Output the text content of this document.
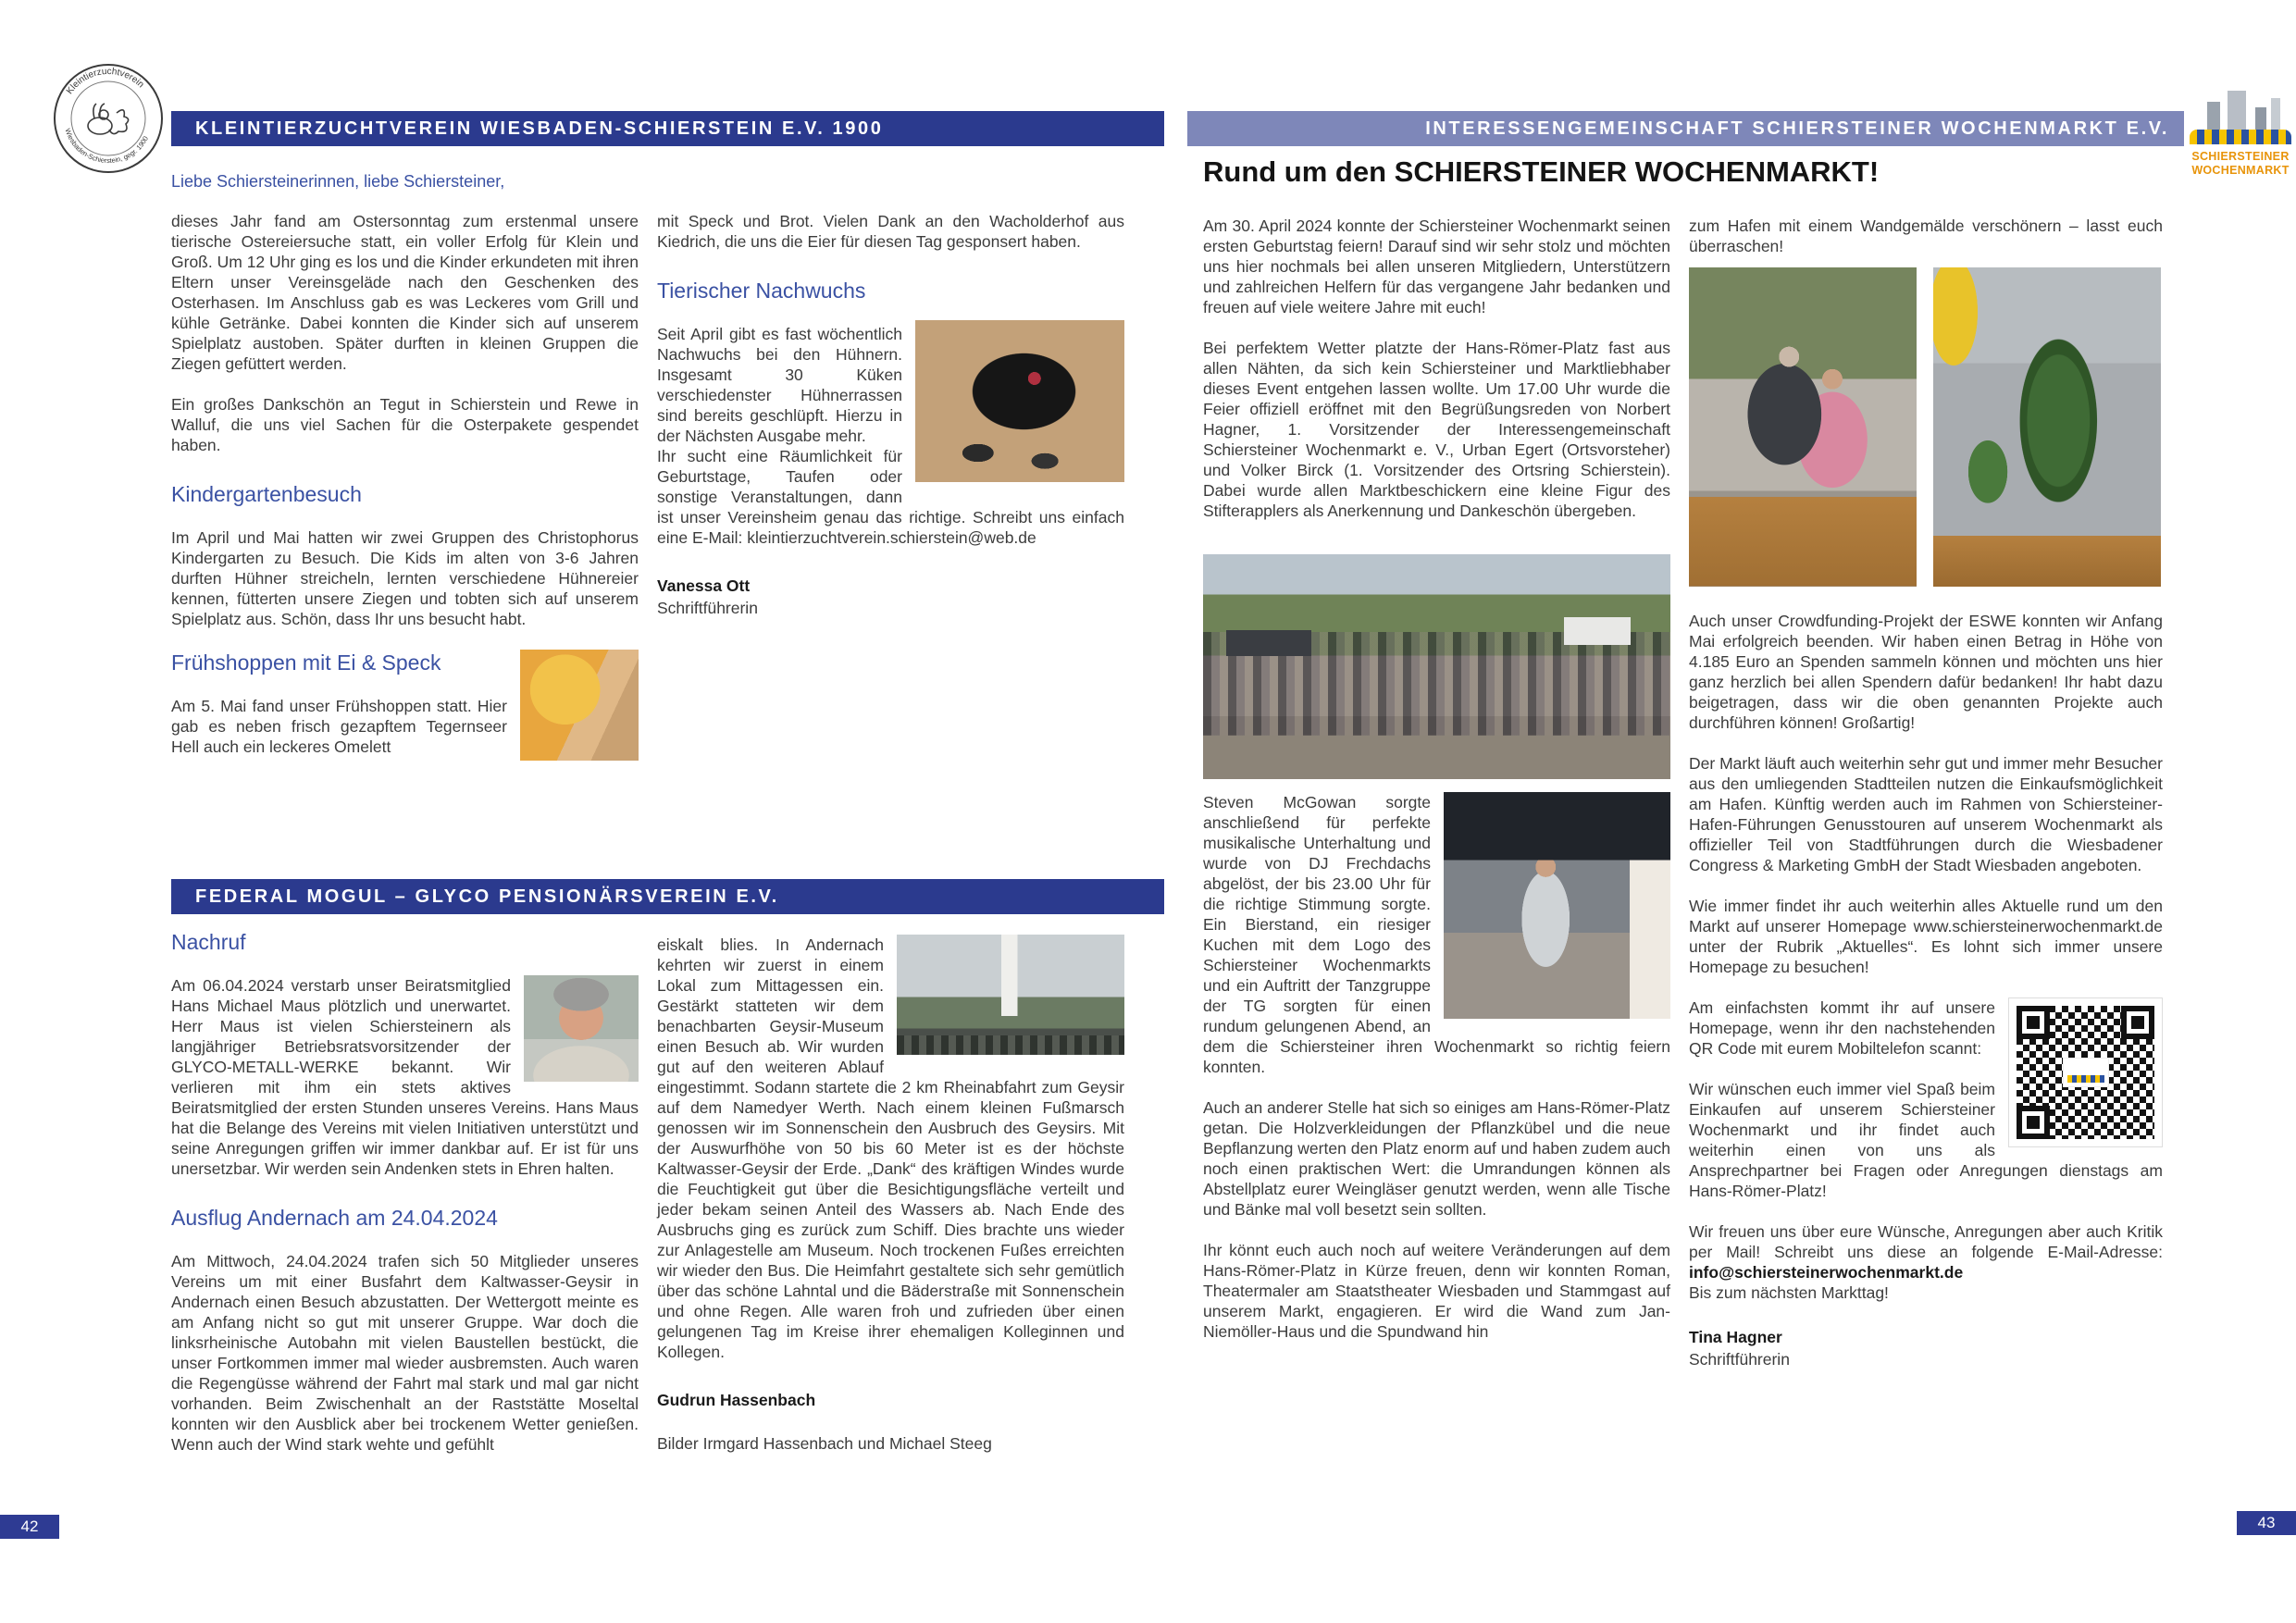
Kleintierzuchtverein
Wiesbaden-Schierstein, gegr. 1900	KLEINTIERZUCHTVEREIN WIESBADEN-SCHIERSTEIN E.V. 1900
Liebe Schiersteinerinnen, liebe Schiersteiner,

dieses Jahr fand am Ostersonntag zum erstenmal unsere tierische Ostereiersuche statt, ein voller Erfolg für Klein und Groß. Um 12 Uhr ging es los und die Kinder erkundeten mit ihren Eltern unser Vereinsgeläde nach den Geschenken des Osterhasen. Im Anschluss gab es was Leckeres vom Grill und kühle Getränke. Dabei konnten die Kinder sich auf unserem Spielplatz austoben. Später durften in kleinen Gruppen die Ziegen gefüttert werden.

Ein großes Dankschön an Tegut in Schierstein und Rewe in Walluf, die uns viel Sachen für die Osterpakete gespendet haben.

Kindergartenbesuch

Im April und Mai hatten wir zwei Gruppen des Christophorus Kindergarten zu Besuch. Die Kids im alten von 3-6 Jahren durften Hühner streicheln, lernten verschiedene Hühnereier kennen, fütterten unsere Ziegen und tobten sich auf unserem Spielplatz aus. Schön, dass Ihr uns besucht habt.

Frühshoppen mit Ei & Speck

Am 5. Mai fand unser Frühshoppen statt. Hier gab es neben frisch gezapftem Tegernseer Hell auch ein leckeres Omelett

mit Speck und Brot. Vielen Dank an den Wacholderhof aus Kiedrich, die uns die Eier für diesen Tag gesponsert haben.

Tierischer Nachwuchs

Seit April gibt es fast wöchentlich Nachwuchs bei den Hühnern. Insgesamt 30 Küken verschiedenster Hühnerrassen sind bereits geschlüpft. Hierzu in der Nächsten Ausgabe mehr.
Ihr sucht eine Räumlichkeit für Geburtstage, Taufen oder sonstige Veranstaltungen, dann ist unser Vereinsheim genau das richtige. Schreibt uns einfach eine E-Mail: kleintierzuchtverein.schierstein@web.de

Vanessa Ott

Schriftführerin

FEDERAL MOGUL – GLYCO PENSIONÄRSVEREIN E.V.
Nachruf

Am 06.04.2024 verstarb unser Beiratsmitglied Hans Michael Maus plötzlich und unerwartet. Herr Maus ist vielen Schiersteinern als langjähriger Betriebsratsvorsitzender der GLYCO-METALL-WERKE bekannt. Wir verlieren mit ihm ein stets aktives Beiratsmitglied der ersten Stunden unseres Vereins. Hans Maus hat die Belange des Vereins mit vielen Initiativen unterstützt und seine Anregungen griffen wir immer dankbar auf. Er ist für uns unersetzbar. Wir werden sein Andenken stets in Ehren halten.

Ausflug Andernach am 24.04.2024

Am Mittwoch, 24.04.2024 trafen sich 50 Mitglieder unseres Vereins um mit einer Busfahrt dem Kaltwasser-Geysir in Andernach einen Besuch abzustatten. Der Wettergott meinte es am Anfang nicht so gut mit unserer Gruppe. War doch die linksrheinische Autobahn mit vielen Baustellen bestückt, die unser Fortkommen immer mal wieder ausbremsten. Auch waren die Regengüsse während der Fahrt mal stark und mal gar nicht vorhanden. Beim Zwischenhalt an der Raststätte Moseltal konnten wir den Ausblick aber bei trockenem Wetter genießen. Wenn auch der Wind stark wehte und gefühlt

eiskalt blies. In Andernach kehrten wir zuerst in einem Lokal zum Mittagessen ein. Gestärkt statteten wir dem benachbarten Geysir-Museum einen Besuch ab. Wir wurden gut auf den weiteren Ablauf eingestimmt. Sodann startete die 2 km Rheinabfahrt zum Geysir auf dem Namedyer Werth. Nach einem kleinen Fußmarsch genossen wir im Sonnenschein den Ausbruch des Geysirs. Mit der Auswurfhöhe von 50 bis 60 Meter ist es der höchste Kaltwasser-Geysir der Erde. „Dank“ des kräftigen Windes wurde die Feuchtigkeit gut über die Besichtigungsfläche verteilt und jeder bekam seinen Anteil des Wassers ab. Nach Ende des Ausbruchs ging es zurück zum Schiff. Dies brachte uns wieder zur Anlagestelle am Museum. Noch trockenen Fußes erreichten wir wieder den Bus. Die Heimfahrt gestaltete sich sehr gemütlich über das schöne Lahntal und die Bäderstraße mit Sonnenschein und ohne Regen. Alle waren froh und zufrieden über einen gelungenen Tag im Kreise ihrer ehemaligen Kolleginnen und Kollegen.

Gudrun Hassenbach

Bilder Irmgard Hassenbach und Michael Steeg

42
INTERESSENGEMEINSCHAFT SCHIERSTEINER WOCHENMARKT E.V.
SCHIERSTEINER
WOCHENMARKT
Rund um den SCHIERSTEINER WOCHENMARKT!

Am 30. April 2024 konnte der Schiersteiner Wochenmarkt seinen ersten Geburtstag feiern! Darauf sind wir sehr stolz und möchten uns hier nochmals bei allen unseren Mitgliedern, Unterstützern und zahlreichen Helfern für das vergangene Jahr bedanken und freuen auf viele weitere Jahre mit euch!

Bei perfektem Wetter platzte der Hans-Römer-Platz fast aus allen Nähten, da sich kein Schiersteiner und Marktliebhaber dieses Event entgehen lassen wollte. Um 17.00 Uhr wurde die Feier offiziell eröffnet mit den Begrüßungsreden von Norbert Hagner, 1. Vorsitzender der Interessengemeinschaft Schiersteiner Wochenmarkt e. V., Urban Egert (Ortsvorsteher) und Volker Birck (1. Vorsitzender des Ortsring Schierstein). Dabei wurde allen Marktbeschickern eine kleine Figur des Stifterapplers als Anerkennung und Dankeschön übergeben.

Steven McGowan sorgte anschließend für perfekte musikalische Unterhaltung und wurde von DJ Frechdachs abgelöst, der bis 23.00 Uhr für die richtige Stimmung sorgte. Ein Bierstand, ein riesiger Kuchen mit dem Logo des Schiersteiner Wochenmarkts und ein Auftritt der Tanzgruppe der TG sorgten für einen rundum gelungenen Abend, an dem die Schiersteiner ihren Wochenmarkt so richtig feiern konnten.

Auch an anderer Stelle hat sich so einiges am Hans-Römer-Platz getan. Die Holzverkleidungen der Pflanzkübel und die neue Bepflanzung werten den Platz enorm auf und haben zudem auch noch einen praktischen Wert: die Umrandungen können als Abstellplatz eurer Weingläser genutzt werden, wenn alle Tische und Bänke mal voll besetzt sein sollten.

Ihr könnt euch auch noch auf weitere Veränderungen auf dem Hans-Römer-Platz in Kürze freuen, denn wir konnten Roman, Theatermaler am Staatstheater Wiesbaden und Stammgast auf unserem Markt, engagieren. Er wird die Wand zum Jan-Niemöller-Haus und die Spundwand hin

zum Hafen mit einem Wandgemälde verschönern – lasst euch überraschen!

Auch unser Crowdfunding-Projekt der ESWE konnten wir Anfang Mai erfolgreich beenden. Wir haben einen Betrag in Höhe von 4.185 Euro an Spenden sammeln können und möchten uns hier ganz herzlich bei allen Spendern dafür bedanken! Ihr habt dazu beigetragen, dass wir die oben genannten Projekte auch durchführen können! Großartig!

Der Markt läuft auch weiterhin sehr gut und immer mehr Besucher aus den umliegenden Stadtteilen nutzen die Einkaufsmöglichkeit am Hafen. Künftig werden auch im Rahmen von Schiersteiner-Hafen-Führungen Genusstouren auf unserem Wochenmarkt als offizieller Teil von Stadtführungen durch die Wiesbadener Congress & Marketing GmbH der Stadt Wiesbaden angeboten.

Wie immer findet ihr auch weiterhin alles Aktuelle rund um den Markt auf unserer Homepage www.schiersteinerwochenmarkt.de unter der Rubrik „Aktuelles“. Es lohnt sich immer unsere Homepage zu besuchen!

Am einfachsten kommt ihr auf unsere Homepage, wenn ihr den nachstehenden QR Code mit eurem Mobiltelefon scannt:

Wir wünschen euch immer viel Spaß beim Einkaufen auf unserem Schiersteiner Wochenmarkt und ihr findet auch weiterhin einen von uns als Ansprechpartner bei Fragen oder Anregungen dienstags am Hans-Römer-Platz!

Wir freuen uns über eure Wünsche, Anregungen aber auch Kritik per Mail! Schreibt uns diese an folgende E-Mail-Adresse: info@schiersteinerwochenmarkt.de
Bis zum nächsten Markttag!

Tina Hagner

Schriftführerin

43
